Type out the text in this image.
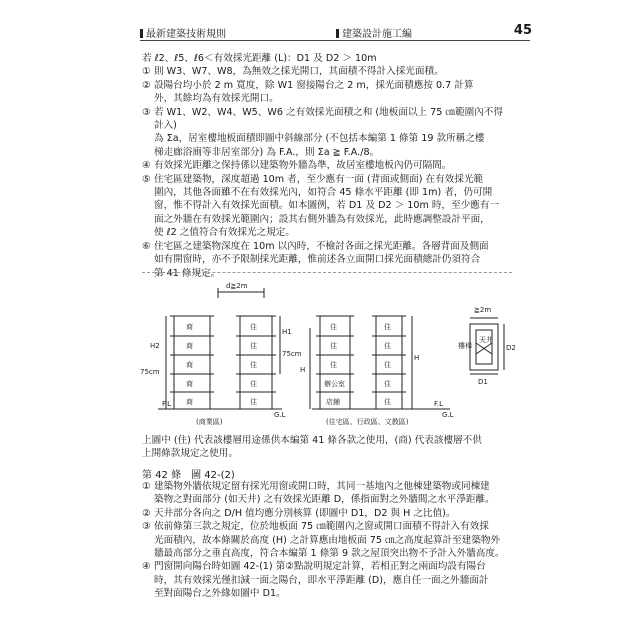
最新建築技術規則	建築設計施工編	45

若 ℓ2、ℓ5、ℓ6＜有效採光距離 (L)：D1 及 D2 ＞ 10m

① 則 W3、W7、W8，為無效之採光開口，其面積不得計入採光面積。

② 設陽台均小於 2 m 寬度，除 W1 窗接陽台之 2 m，採光面積應按 0.7 計算

外，其餘均為有效採光開口。

③ 若 W1、W2、W4、W5、W6 之有效採光面積之和 (地板面以上 75 ㎝範圍內不得計入)

為 Σa，居室樓地板面積即圖中斜線部分 (不包括本編第 1 條第 19 款所稱之樓

梯走廊浴廁等非居室部分) 為 F.A.，則 Σa ≧ F.A./8。

④ 有效採光距離之保持係以建築物外牆為準，故居室樓地板內仍可隔間。

⑤ 住宅區建築物，深度超過 10m 者，至少應有一面 (背面或側面) 在有效採光範

圍內，其他各面雖不在有效採光內，如符合 45 條水平距離 (即 1m) 者，仍可開

窗，惟不得計入有效採光面積。如本圖例，若 D1 及 D2 ＞ 10m 時，至少應有一

面之外牆在有效採光範圍內；設其右側外牆為有效採光，此時應調整設計平面，

使 ℓ2 之值符合有效採光之規定。

⑥ 住宅區之建築物深度在 10m 以內時，不檢討各面之採光距離。各層背面及側面

如有開窗時，亦不予限制採光距離，惟前述各立面開口採光面積總計仍須符合

第 41 條規定。

d≧2m
H2
H1
H
H
75cm
75cm
F.L
G.L
F.L
G.L
商
商
商
商
商
住
住
住
住
住
住
住
住
辦公室
店鋪
住
住
住
住
住
≧2m
天井
樓梯
D1
D2
(商業區)	(住宅區、行政區、文教區)

上圖中 (住) 代表該樓層用途係供本編第 41 條各款之使用，(商) 代表該樓層不供

上開條款規定之使用。

第 42 條　圖 42-(2)
① 建築物外牆依規定留有採光用窗或開口時，其同一基地內之他棟建築物或同棟建

築物之對面部分 (如天井) 之有效採光距離 D，係指面對之外牆間之水平淨距離。

② 天井部分各向之 D/H 值均應分別核算 (即圖中 D1，D2 與 H 之比值)。

③ 依前條第三款之規定，位於地板面 75 ㎝範圍內之窗或開口面積不得計入有效採

光面積內，故本條關於高度 (H) 之計算應由地板面 75 ㎝之高度起算計至建築物外

牆最高部分之垂直高度，符合本編第 1 條第 9 款之屋頂突出物不予計入外牆高度。

④ 門窗開向陽台時如圖 42-(1) 第②點說明規定計算，若相正對之兩面均設有陽台

時，其有效採光僅扣減一面之陽台，即水平淨距離 (D)，應自任一面之外牆面計

至對面陽台之外緣如圖中 D1。
